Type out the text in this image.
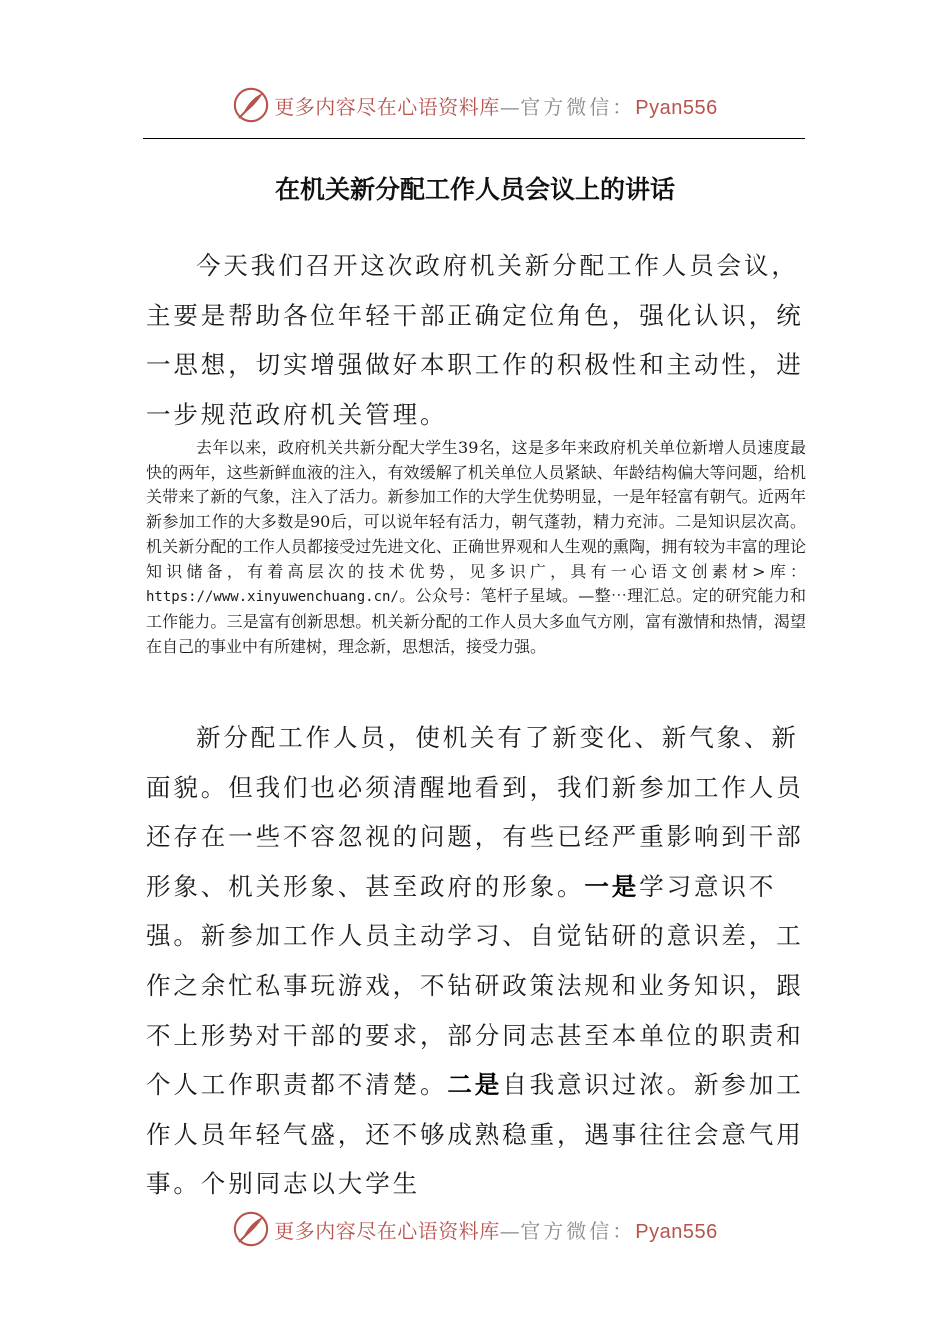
更多内容尽在心语资料库—官方微信：Pyan556
在机关新分配工作人员会议上的讲话

今天我们召开这次政府机关新分配工作人员会议，主要是帮助各位年轻干部正确定位角色，强化认识，统一思想，切实增强做好本职工作的积极性和主动性，进一步规范政府机关管理。

去年以来，政府机关共新分配大学生39名，这是多年来政府机关单位新增人员速度最快的两年，这些新鲜血液的注入，有效缓解了机关单位人员紧缺、年龄结构偏大等问题，给机关带来了新的气象，注入了活力。新参加工作的大学生优势明显，一是年轻富有朝气。近两年新参加工作的大多数是90后，可以说年轻有活力，朝气蓬勃，精力充沛。二是知识层次高。机关新分配的工作人员都接受过先进文化、正确世界观和人生观的熏陶，拥有较为丰富的理论知识储备，有着高层次的技术优势，见多识广，具有一心语文创素材>库：https://www.xinyuwenchuang.cn/。公众号：笔杆子星域。—整⋯理汇总。定的研究能力和工作能力。三是富有创新思想。机关新分配的工作人员大多血气方刚，富有激情和热情，渴望在自己的事业中有所建树，理念新，思想活，接受力强。

新分配工作人员，使机关有了新变化、新气象、新面貌。但我们也必须清醒地看到，我们新参加工作人员还存在一些不容忽视的问题，有些已经严重影响到干部形象、机关形象、甚至政府的形象。一是学习意识不强。新参加工作人员主动学习、自觉钻研的意识差，工作之余忙私事玩游戏，不钻研政策法规和业务知识，跟不上形势对干部的要求，部分同志甚至本单位的职责和个人工作职责都不清楚。二是自我意识过浓。新参加工作人员年轻气盛，还不够成熟稳重，遇事往往会意气用事。个别同志以大学生

更多内容尽在心语资料库—官方微信：Pyan556
